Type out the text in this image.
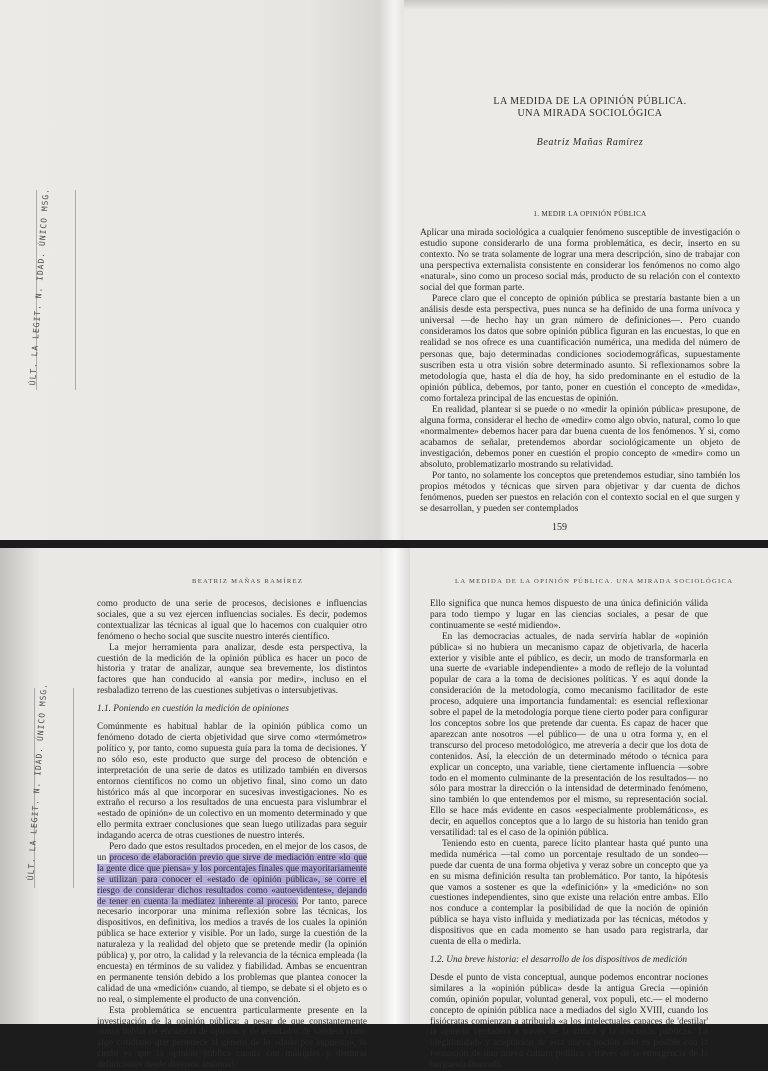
ÚLT. LA LEGIT. N. IDAD. ÚNICO MSG.
LA MEDIDA DE LA OPINIÓN PÚBLICA.
UNA MIRADA SOCIOLÓGICA
Beatriz Mañas Ramírez
1. MEDIR LA OPINIÓN PÚBLICA

Aplicar una mirada sociológica a cualquier fenómeno susceptible de investigación o estudio supone considerarlo de una forma problemática, es decir, inserto en su contexto. No se trata solamente de lograr una mera descripción, sino de trabajar con una perspectiva externalista consistente en considerar los fenómenos no como algo «natural», sino como un proceso social más, producto de su relación con el contexto social del que forman parte.

Parece claro que el concepto de opinión pública se prestaría bastante bien a un análisis desde esta perspectiva, pues nunca se ha definido de una forma unívoca y universal —de hecho hay un gran número de definiciones—. Pero cuando consideramos los datos que sobre opinión pública figuran en las encuestas, lo que en realidad se nos ofrece es una cuantificación numérica, una medida del número de personas que, bajo determinadas condiciones sociodemográficas, supuestamente suscriben esta u otra visión sobre determinado asunto. Si reflexionamos sobre la metodología que, hasta el día de hoy, ha sido predominante en el estudio de la opinión pública, debemos, por tanto, poner en cuestión el concepto de «medida», como fortaleza principal de las encuestas de opinión.

En realidad, plantear si se puede o no «medir la opinión pública» presupone, de alguna forma, considerar el hecho de «medir» como algo obvio, natural, como lo que «normalmente» debemos hacer para dar buena cuenta de los fenómenos. Y si, como acabamos de señalar, pretendemos abordar sociológicamente un objeto de investigación, debemos poner en cuestión el propio concepto de «medir» como un absoluto, problematizarlo mostrando su relatividad.

Por tanto, no solamente los conceptos que pretendemos estudiar, sino también los propios métodos y técnicas que sirven para objetivar y dar cuenta de dichos fenómenos, pueden ser puestos en relación con el contexto social en el que surgen y se desarrollan, y pueden ser contemplados

159
ÚLT. LA LEGIT. N. IDAD. ÚNICO MSG.
BEATRIZ MAÑAS RAMÍREZ	LA MEDIDA DE LA OPINIÓN PÚBLICA. UNA MIRADA SOCIOLÓGICA

como producto de una serie de procesos, decisiones e influencias sociales, que a su vez ejercen influencias sociales. Es decir, podemos contextualizar las técnicas al igual que lo hacemos con cualquier otro fenómeno o hecho social que suscite nuestro interés científico.

La mejor herramienta para analizar, desde esta perspectiva, la cuestión de la medición de la opinión pública es hacer un poco de historia y tratar de analizar, aunque sea brevemente, los distintos factores que han conducido al «ansia por medir», incluso en el resbaladizo terreno de las cuestiones subjetivas o intersubjetivas.

1.1. Poniendo en cuestión la medición de opiniones

Comúnmente es habitual hablar de la opinión pública como un fenómeno dotado de cierta objetividad que sirve como «termómetro» político y, por tanto, como supuesta guía para la toma de decisiones. Y no sólo eso, este producto que surge del proceso de obtención e interpretación de una serie de datos es utilizado también en diversos entornos científicos no como un objetivo final, sino como un dato histórico más al que incorporar en sucesivas investigaciones. No es extraño el recurso a los resultados de una encuesta para vislumbrar el «estado de opinión» de un colectivo en un momento determinado y que ello permita extraer conclusiones que sean luego utilizadas para seguir indagando acerca de otras cuestiones de nuestro interés.

Pero dado que estos resultados proceden, en el mejor de los casos, de un proceso de elaboración previo que sirve de mediación entre «lo que la gente dice que piensa» y los porcentajes finales que mayoritariamente se utilizan para conocer el «estado de opinión pública», se corre el riesgo de considerar dichos resultados como «autoevidentes», dejando de tener en cuenta la mediatez inherente al proceso. Por tanto, parece necesario incorporar una mínima reflexión sobre las técnicas, los dispositivos, en definitiva, los medios a través de los cuales la opinión pública se hace exterior y visible. Por un lado, surge la cuestión de la naturaleza y la realidad del objeto que se pretende medir (la opinión pública) y, por otro, la calidad y la relevancia de la técnica empleada (la encuesta) en términos de su validez y fiabilidad. Ambas se encuentran en permanente tensión debido a los problemas que plantea conocer la calidad de una «medición» cuando, al tiempo, se debate si el objeto es o no real, o simplemente el producto de una convención.

Esta problemática se encuentra particularmente presente en la investigación de la opinión pública: a pesar de que constantemente oímos hablar de encuestas de opinión y de resultados de sondeos como algo cotidiano que pertenece al género de lo «dado por supuesto», lo cierto es que la opinión pública cuenta con múltiples y distintas definiciones desde diversos ámbitos¹.

Ello significa que nunca hemos dispuesto de una única definición válida para todo tiempo y lugar en las ciencias sociales, a pesar de que continuamente se «esté midiendo».

En las democracias actuales, de nada serviría hablar de «opinión pública» si no hubiera un mecanismo capaz de objetivarla, de hacerla exterior y visible ante el público, es decir, un modo de transformarla en una suerte de «variable independiente» a modo de reflejo de la voluntad popular de cara a la toma de decisiones políticas. Y es aquí donde la consideración de la metodología, como mecanismo facilitador de este proceso, adquiere una importancia fundamental: es esencial reflexionar sobre el papel de la metodología porque tiene cierto poder para configurar los conceptos sobre los que pretende dar cuenta. Es capaz de hacer que aparezcan ante nosotros —el público— de una u otra forma y, en el transcurso del proceso metodológico, me atrevería a decir que los dota de contenidos. Así, la elección de un determinado método o técnica para explicar un concepto, una variable, tiene ciertamente influencia —sobre todo en el momento culminante de la presentación de los resultados— no sólo para mostrar la dirección o la intensidad de determinado fenómeno, sino también lo que entendemos por el mismo, su representación social. Ello se hace más evidente en casos «especialmente problemáticos», es decir, en aquellos conceptos que a lo largo de su historia han tenido gran versatilidad: tal es el caso de la opinión pública.

Teniendo esto en cuenta, parece lícito plantear hasta qué punto una medida numérica —tal como un porcentaje resultado de un sondeo— puede dar cuenta de una forma objetiva y veraz sobre un concepto que ya en su misma definición resulta tan problemático. Por tanto, la hipótesis que vamos a sostener es que la «definición» y la «medición» no son cuestiones independientes, sino que existe una relación entre ambas. Ello nos conduce a contemplar la posibilidad de que la noción de opinión pública se haya visto influida y mediatizada por las técnicas, métodos y dispositivos que en cada momento se han usado para registrarla, dar cuenta de ella o medirla.

1.2. Una breve historia: el desarrollo de los dispositivos de medición

Desde el punto de vista conceptual, aunque podemos encontrar nociones similares a la «opinión pública» desde la antigua Grecia —opinión común, opinión popular, voluntad general, vox populi, etc.— el moderno concepto de opinión pública nace a mediados del siglo XVIII, cuando los fisiócratas comienzan a atribuirla «a los intelectuales capaces de 'destilar' la opinión verdadera a través de la crítica y la discusión pública». La «legitimidad» y aceptación de esta nueva noción sólo es posible con la formación de una nueva cultura política a través de la emergencia de la burguesía ilustrada,
